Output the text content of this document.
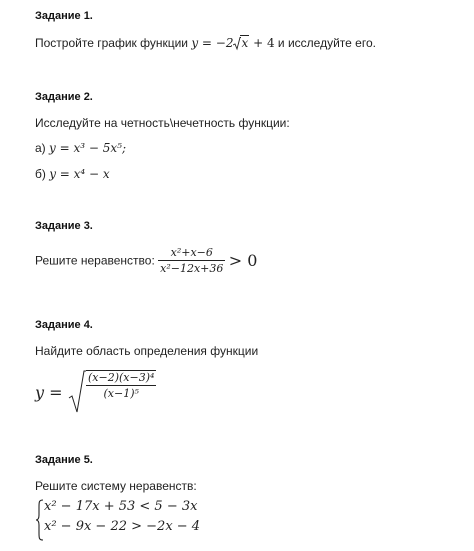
Задание 1.
Постройте график функции y = −2 x + 4 и исследуйте его.
Задание 2.
Исследуйте на четность\нечетность функции:
а) y = x³ − 5x⁵;
б) y = x⁴ − x
Задание 3.
Решите неравенство: $\frac{\text{x²+x−6}}{\text{x²−12x+36}} > 0$
Задание 4.
Найдите область определения функции
$y = \frac{\text{(x−2)(x−3)⁴}}{\text{(x−1)⁵}}$
Задание 5.
Решите систему неравенств:
x² − 17x + 53 < 5 − 3x
x² − 9x − 22 > −2x − 4
